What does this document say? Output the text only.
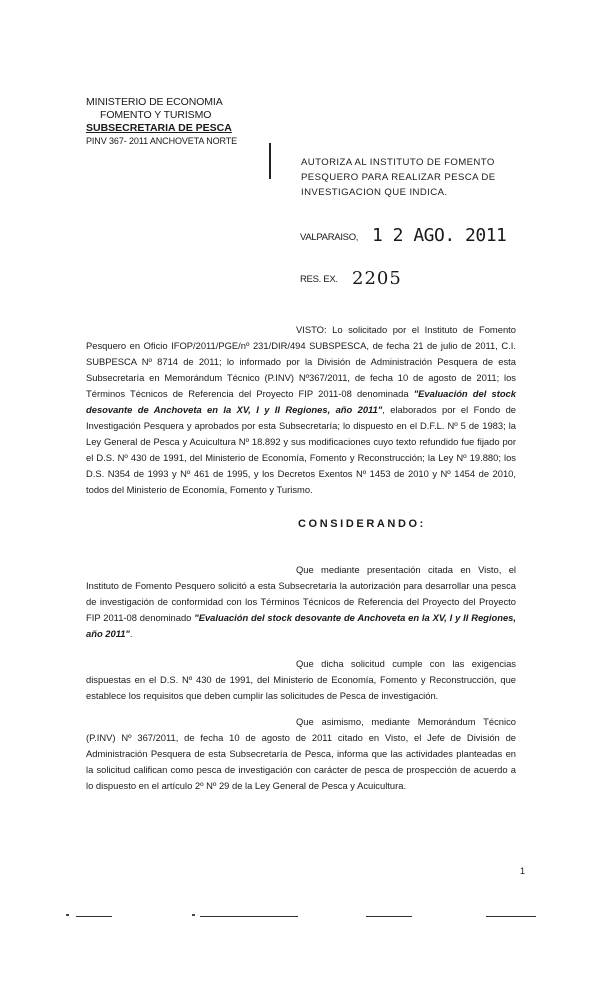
MINISTERIO DE ECONOMIA
FOMENTO Y TURISMO
SUBSECRETARIA DE PESCA
PINV 367- 2011 ANCHOVETA NORTE
AUTORIZA AL INSTITUTO DE FOMENTO PESQUERO PARA REALIZAR PESCA DE INVESTIGACION QUE INDICA.
VALPARAISO, 1 2 AGO. 2011
RES. EX. 2205
VISTO: Lo solicitado por el Instituto de Fomento Pesquero en Oficio IFOP/2011/PGE/nº 231/DIR/494 SUBSPESCA, de fecha 21 de julio de 2011, C.I. SUBPESCA Nº 8714 de 2011; lo informado por la División de Administración Pesquera de esta Subsecretaría en Memorándum Técnico (P.INV) Nº367/2011, de fecha 10 de agosto de 2011; los Términos Técnicos de Referencia del Proyecto FIP 2011-08 denominada "Evaluación del stock desovante de Anchoveta en la XV, I y II Regiones, año 2011", elaborados por el Fondo de Investigación Pesquera y aprobados por esta Subsecretaría; lo dispuesto en el D.F.L. Nº 5 de 1983; la Ley General de Pesca y Acuicultura Nº 18.892 y sus modificaciones cuyo texto refundido fue fijado por el D.S. Nº 430 de 1991, del Ministerio de Economía, Fomento y Reconstrucción; la Ley Nº 19.880; los D.S. N354 de 1993 y Nº 461 de 1995, y los Decretos Exentos Nº 1453 de 2010 y Nº 1454 de 2010, todos del Ministerio de Economía, Fomento y Turismo.
CONSIDERANDO:
Que mediante presentación citada en Visto, el Instituto de Fomento Pesquero solicitó a esta Subsecretaría la autorización para desarrollar una pesca de investigación de conformidad con los Términos Técnicos de Referencia del Proyecto del Proyecto FIP 2011-08 denominado "Evaluación del stock desovante de Anchoveta en la XV, I y II Regiones, año 2011".
Que dicha solicitud cumple con las exigencias dispuestas en el D.S. Nº 430 de 1991, del Ministerio de Economía, Fomento y Reconstrucción, que establece los requisitos que deben cumplir las solicitudes de Pesca de investigación.
Que asimismo, mediante Memorándum Técnico (P.INV) Nº 367/2011, de fecha 10 de agosto de 2011 citado en Visto, el Jefe de División de Administración Pesquera de esta Subsecretaría de Pesca, informa que las actividades planteadas en la solicitud califican como pesca de investigación con carácter de pesca de prospección de acuerdo a lo dispuesto en el artículo 2º Nº 29 de la Ley General de Pesca y Acuicultura.
1
